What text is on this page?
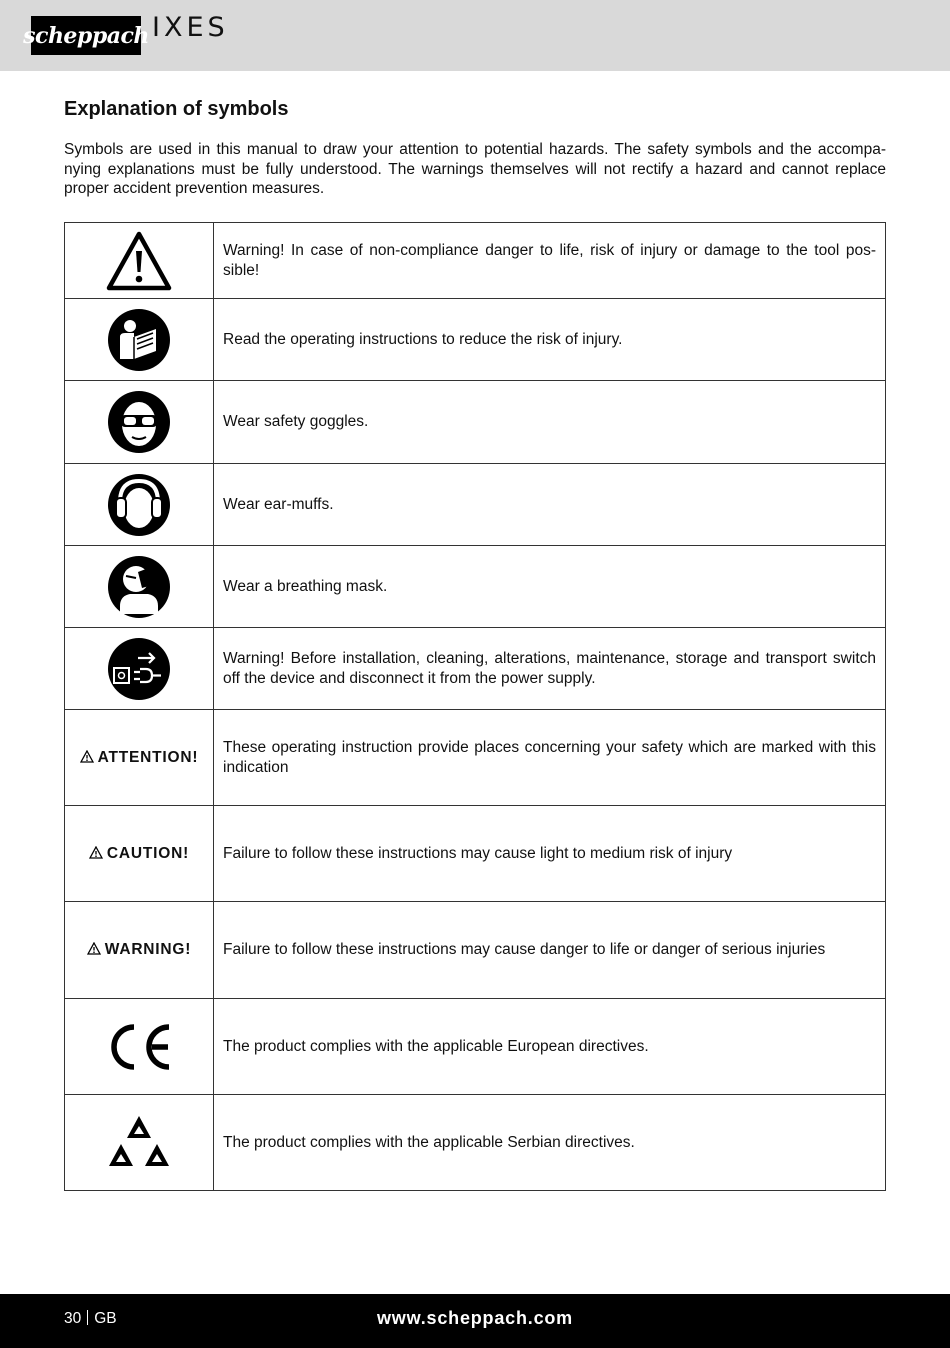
scheppach IXES
Explanation of symbols

Symbols are used in this manual to draw your attention to potential hazards. The safety symbols and the accompa-nying explanations must be fully understood. The warnings themselves will not rectify a hazard and cannot replace proper accident prevention measures.

	Warning! In case of non-compliance danger to life, risk of injury or damage to the tool pos-sible!

	Read the operating instructions to reduce the risk of injury.

	Wear safety goggles.

	Wear ear-muffs.

	Wear a breathing mask.

	Warning! Before installation, cleaning, alterations, maintenance, storage and transport switch off the device and disconnect it from the power supply.
ATTENTION!	These operating instruction provide places concerning your safety which are marked with this indication
CAUTION!	Failure to follow these instructions may cause light to medium risk of injury
WARNING!	Failure to follow these instructions may cause danger to life or danger of serious injuries

	The product complies with the applicable European directives.

	The product complies with the applicable Serbian directives.
30 GB	www.scheppach.com
